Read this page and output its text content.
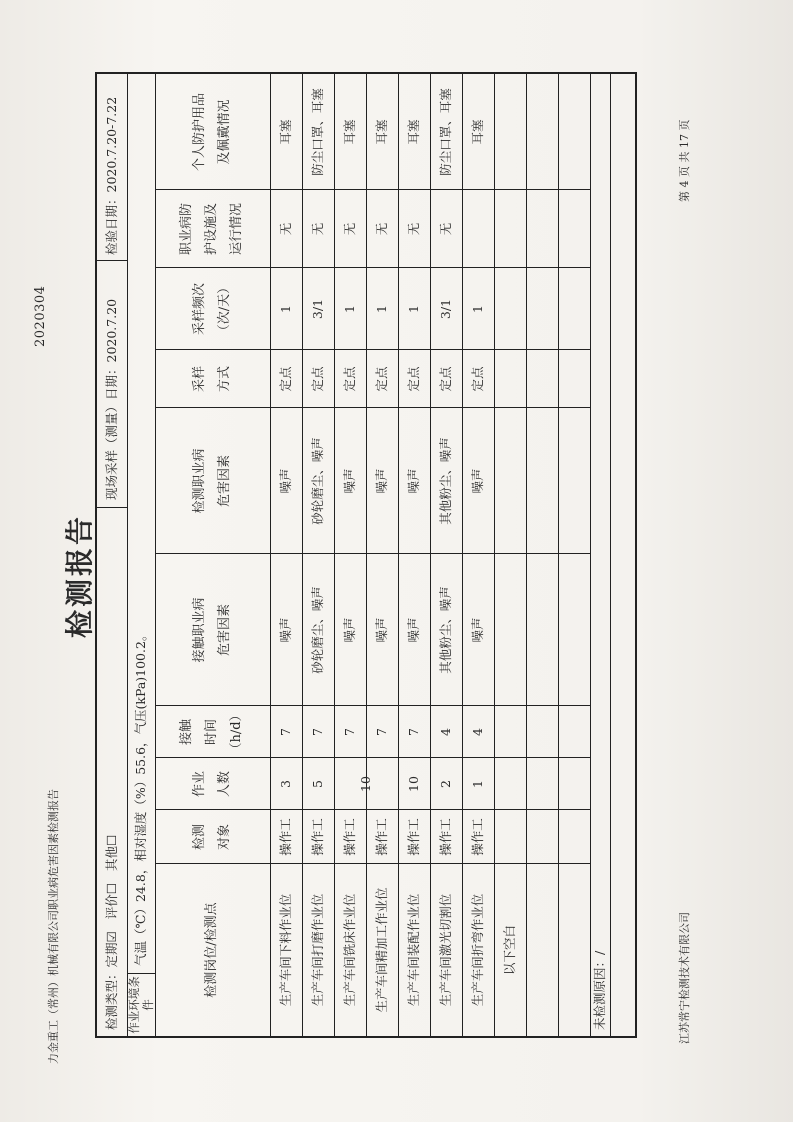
2020304
力金重工（常州）机械有限公司职业病危害因素检测报告
检测报告
检测类型：定期☑
评价☐
其他☐
现场采样（测量）日期：2020.7.20
检验日期：2020.7.20-7.22
作业环境条件
气温（℃）24.8，相对湿度（%）55.6，气压(kPa)100.2。	检测岗位/检测点
检测
对象
作业
人数
接触
时间
（h/d）
接触职业病
危害因素
检测职业病
危害因素
采样
方式
采样频次
（次/天）
职业病防
护设施及
运行情况
个人防护用品
及佩戴情况
生产车间下料作业位
操作工
3
7
噪声
噪声
定点
1
无
耳塞
生产车间打磨作业位
操作工
5
7
砂轮磨尘、噪声
砂轮磨尘、噪声
定点
3/1
无
防尘口罩、耳塞
生产车间铣床作业位
操作工
10
7
噪声
噪声
定点
1
无
耳塞
生产车间精加工作业位
操作工
7
噪声
噪声
定点
1
无
耳塞
生产车间装配作业位
操作工
10
7
噪声
噪声
定点
1
无
耳塞
生产车间激光切割位
操作工
2
4
其他粉尘、噪声
其他粉尘、噪声
定点
3/1
无
防尘口罩、耳塞
生产车间折弯作业位
操作工
1
4
噪声
噪声
定点
1
耳塞
以下空白
未检测原因：/	江苏常宁检测技术有限公司
第 4 页 共 17 页
